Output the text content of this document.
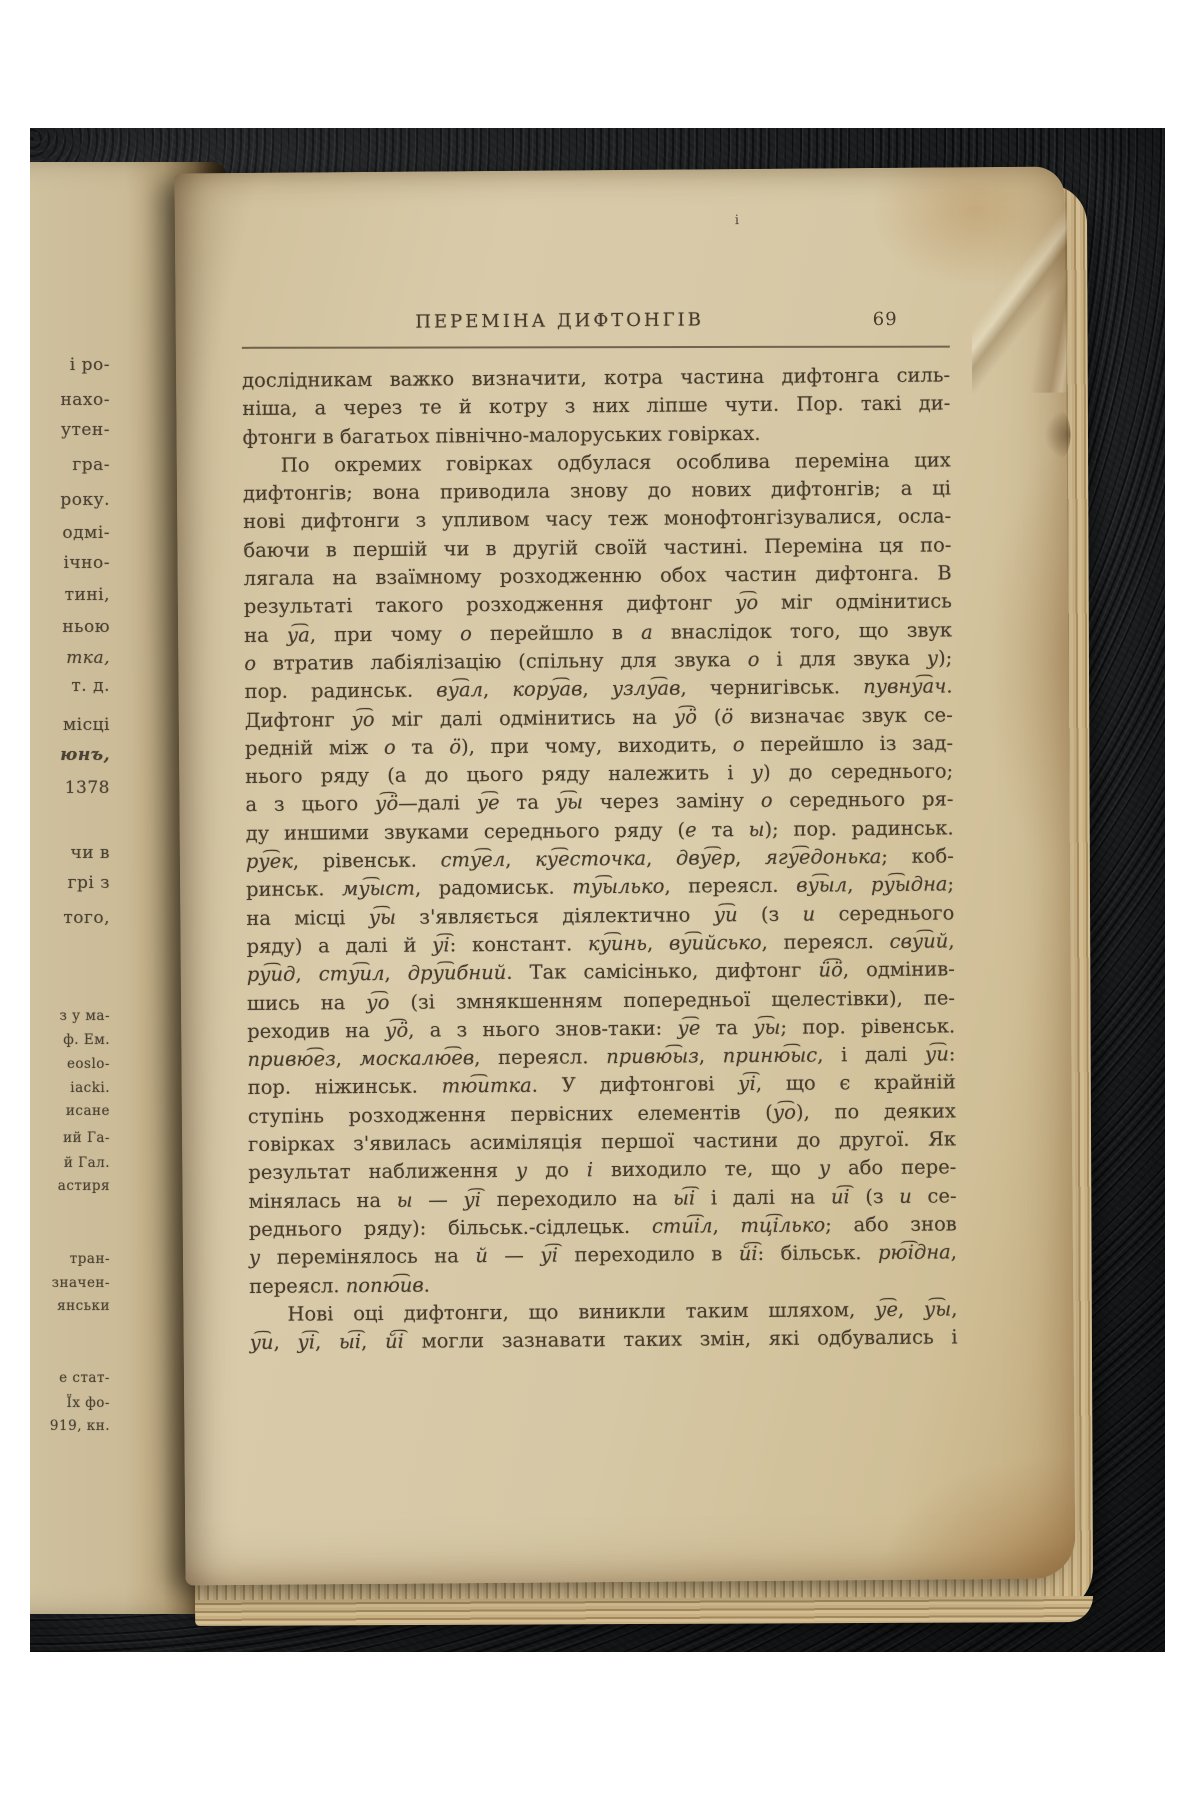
і ро-
нахо-
утен-
гра-
року.
одмі-
ічно-
тині,
ньою
тка,
т. д.
місці
юнъ,
1378
чи в
грі з
того,
з у ма-
ф. Ем.
eoslo-
iacki.
исане
ий Га-
й Гал.
астиря
тран-
значен-
янськи
е стат-
Їх фо-
919, кн.
і
ПЕРЕМІНА ДИФТОНГІВ	69
дослідникам важко визначити, котра частина дифтонга силь-
ніша, а через те й котру з них ліпше чути. Пор. такі ди-
фтонги в багатьох північно-малоруських говірках.
По окремих говірках одбулася особлива переміна цих
дифтонгів; вона приводила знову до нових дифтонгів; а ці
нові дифтонги з упливом часу теж монофтонгізувалися, осла-
баючи в першій чи в другій своїй частині. Переміна ця по-
лягала на взаїмному розходженню обох частин дифтонга. В
результаті такого розходження дифтонг у͡о міг одмінитись
на у͡а, при чому о перейшло в а внаслідок того, що звук
о втратив лабіялізацію (спільну для звука о і для звука у);
пор. радинськ. ву͡ал, кору͡ав, узлу͡ав, чернигівськ. пувну͡ач.
Дифтонг у͡о міг далі одмінитись на у͡ӧ (ӧ визначає звук се-
редній між о та ӧ), при чому, виходить, о перейшло із зад-
нього ряду (а до цього ряду належить і у) до середнього;
а з цього у͡ӧ—далі у͡е та у͡ы через заміну о середнього ря-
ду иншими звуками середнього ряду (е та ы); пор. радинськ.
ру͡ек, рівенськ. сту͡ел, ку͡есточка, дву͡ер, ягу͡едонька; коб-
ринськ. му͡ыст, радомиськ. ту͡ылько, переясл. ву͡ыл, ру͡ыдна;
на місці у͡ы з'являється діялектично у͡и (з и середнього
ряду) а далі й у͡і: констант. ку͡инь, ву͡ийсько, переясл. сву͡ий,
ру͡ид, сту͡ил, дру͡ибний. Так самісінько, дифтонг ӥ͡ӧ, одмінив-
шись на у͡о (зі змнякшенням попередньої щелестівки), пе-
реходив на у͡ӧ, а з нього знов-таки: у͡е та у͡ы; пор. рівенськ.
привю͡ез, москалю͡ев, переясл. привю͡ыз, приню͡ыс, і далі у͡и:
пор. ніжинськ. тю͡итка. У дифтонгові у͡і, що є крайній
ступінь розходження первісних елементів (у͡о), по деяких
говірках з'явилась асиміляція першої частини до другої. Як
результат наближення у до і виходило те, що у або пере-
мінялась на ы — у͡і переходило на ы͡і і далі на и͡і (з и се-
реднього ряду): більськ.-сідлецьк. сти͡іл, тц͡ілько; або знов
у перемінялось на й — у͡і переходило в й͡і: більськ. рю͡ідна,
переясл. попю͡ив.
Нові оці дифтонги, що виникли таким шляхом, у͡е, у͡ы,
у͡и, у͡і, ы͡і, й͡і могли зазнавати таких змін, які одбувались і
